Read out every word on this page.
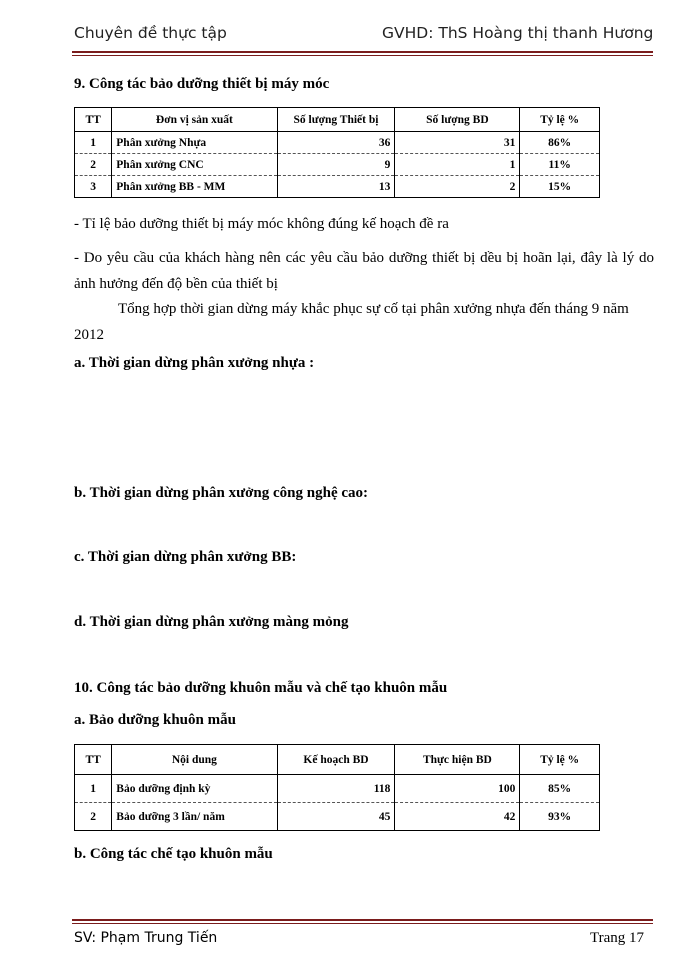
Chuyên đề thực tập	GVHD: ThS Hoàng thị thanh Hương
9. Công tác bảo dưỡng thiết bị máy móc
TT	Đơn vị sản xuất	Số lượng Thiết bị	Số lượng BD	Tỷ lệ %
1	Phân xưởng Nhựa	36	31	86%
2	Phân xưởng CNC	9	1	11%
3	Phân xưởng BB - MM	13	2	15%
- Tỉ lệ bảo dưỡng thiết bị máy móc không đúng kế hoạch đề ra
- Do yêu cầu của khách hàng nên các yêu cầu bảo dưỡng thiết bị dều bị hoãn lại, đây là lý do ảnh hưởng đến độ bền của thiết bị
Tổng hợp thời gian dừng máy khắc phục sự cố tại phân xưởng nhựa đến tháng 9 năm 2012
a. Thời gian dừng phân xưởng nhựa :
b. Thời gian dừng phân xưởng công nghệ cao:
c. Thời gian dừng phân xưởng BB:
d. Thời gian dừng phân xưởng màng mỏng
10. Công tác bảo dưỡng khuôn mẫu và chế tạo khuôn mẫu
a. Bảo dưỡng khuôn mẫu
TT	Nội dung	Kế hoạch BD	Thực hiện BD	Tỷ lệ %
1	Bảo dưỡng định kỳ	118	100	85%
2	Bảo dưỡng 3 lần/ năm	45	42	93%
b. Công tác chế tạo khuôn mẫu
SV: Phạm Trung Tiến	Trang 17
